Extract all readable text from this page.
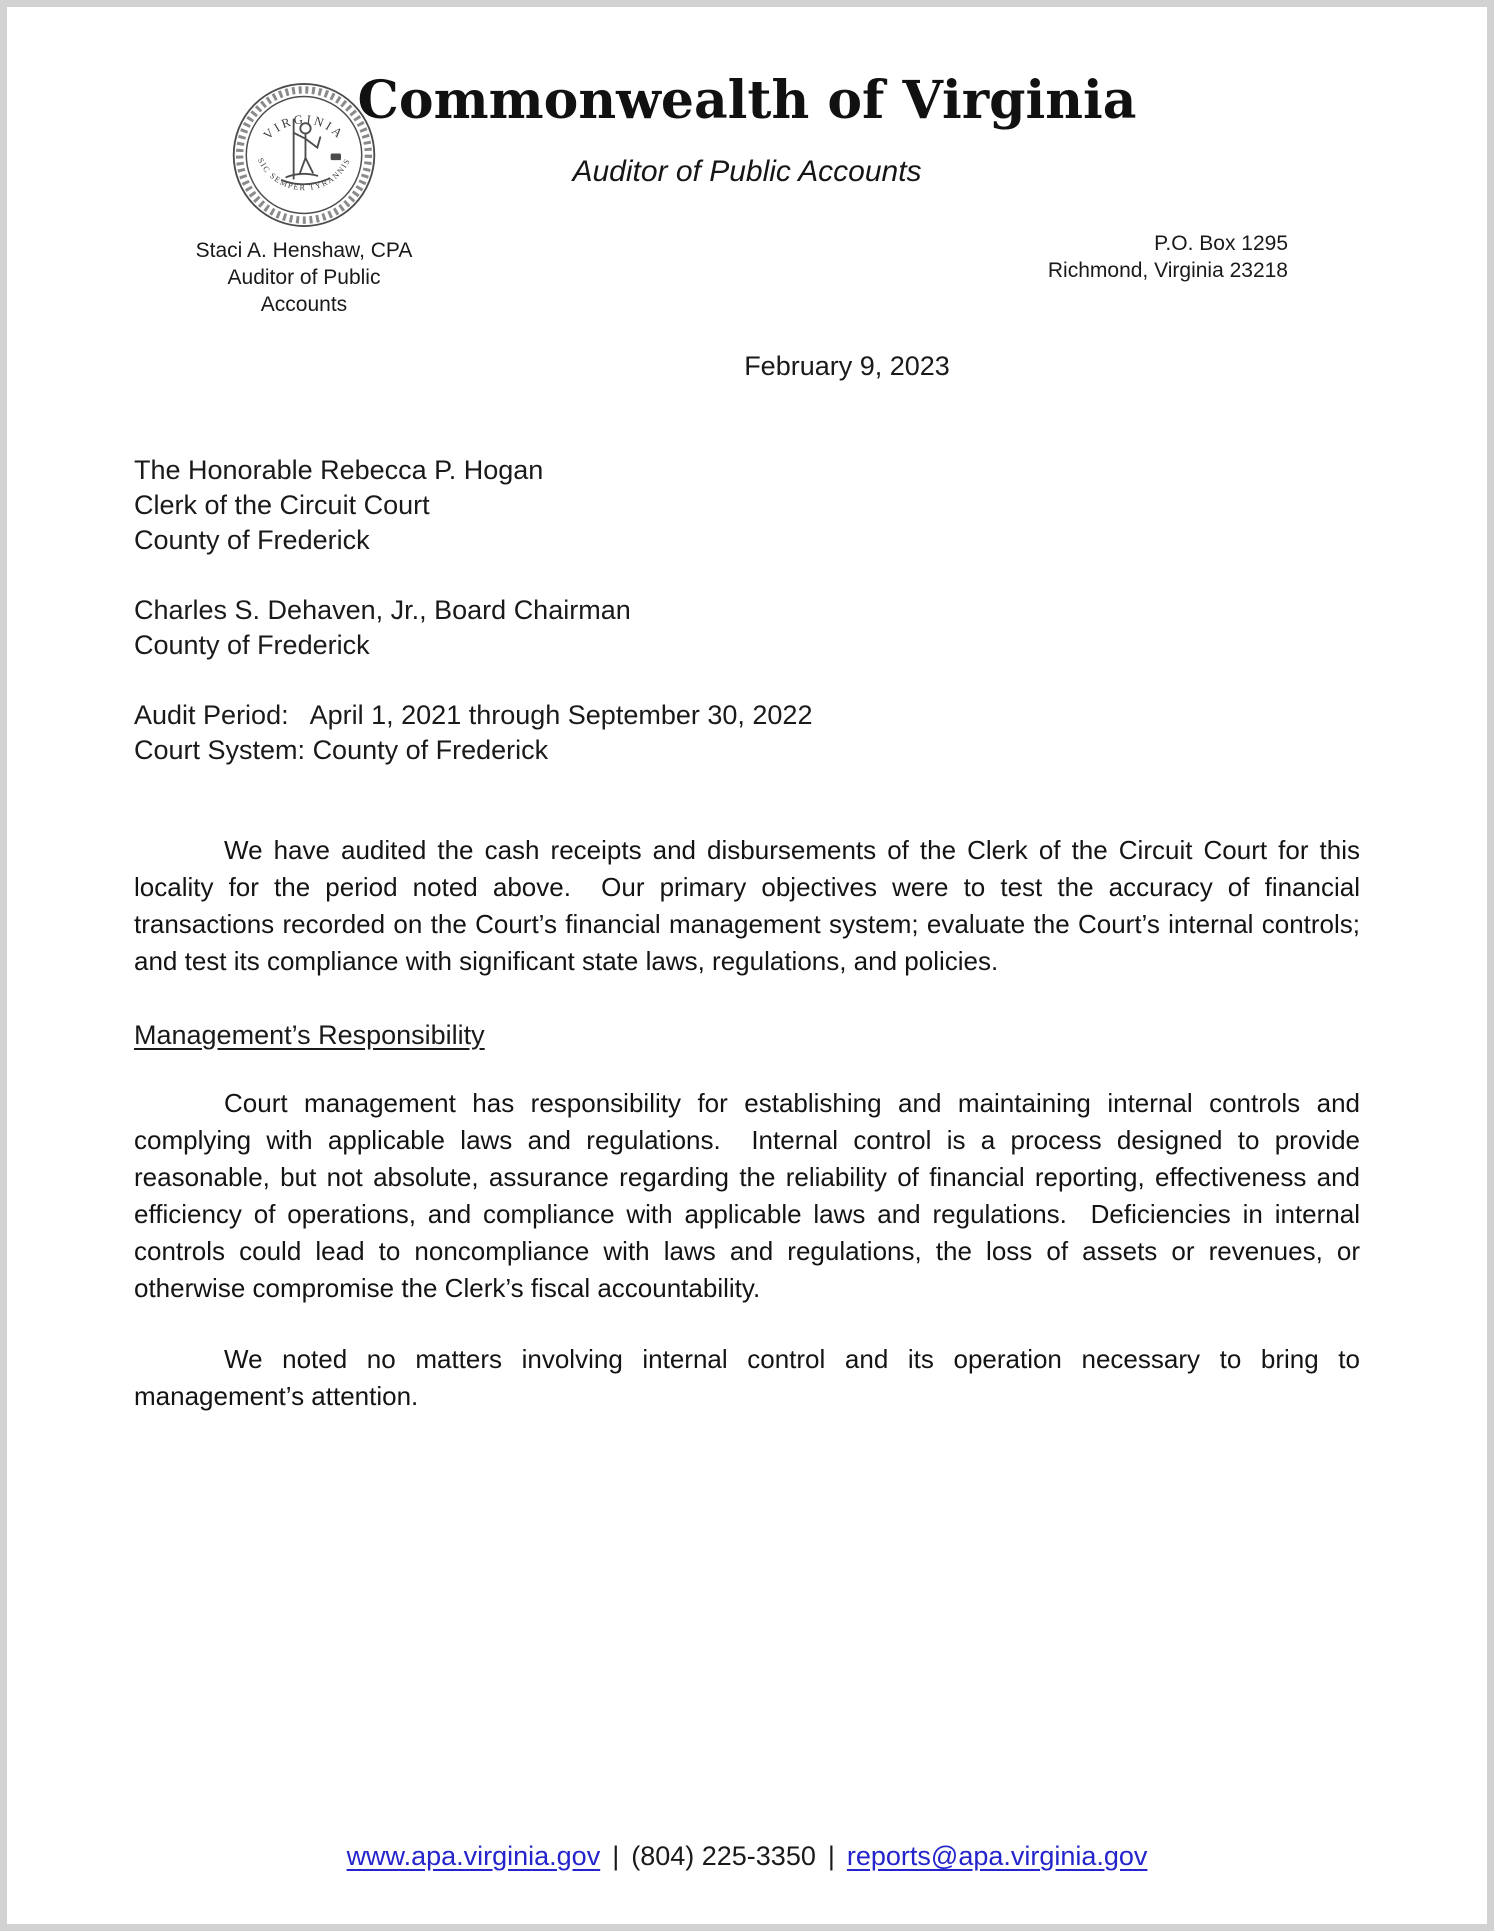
VIRGINIA
SIC SEMPER TYRANNIS
Staci A. Henshaw, CPA
Auditor of Public Accounts
Commonwealth of Virginia
Auditor of Public Accounts
P.O. Box 1295
Richmond, Virginia 23218
February 9, 2023
The Honorable Rebecca P. Hogan
Clerk of the Circuit Court
County of Frederick
Charles S. Dehaven, Jr., Board Chairman
County of Frederick
Audit Period: April 1, 2021 through September 30, 2022
Court System: County of Frederick

We have audited the cash receipts and disbursements of the Clerk of the Circuit Court for this locality for the period noted above.  Our primary objectives were to test the accuracy of financial transactions recorded on the Court’s financial management system; evaluate the Court’s internal controls; and test its compliance with significant state laws, regulations, and policies.

Management’s Responsibility

Court management has responsibility for establishing and maintaining internal controls and complying with applicable laws and regulations.  Internal control is a process designed to provide reasonable, but not absolute, assurance regarding the reliability of financial reporting, effectiveness and efficiency of operations, and compliance with applicable laws and regulations.  Deficiencies in internal controls could lead to noncompliance with laws and regulations, the loss of assets or revenues, or otherwise compromise the Clerk’s fiscal accountability.

We noted no matters involving internal control and its operation necessary to bring to management’s attention.

www.apa.virginia.gov | (804) 225-3350 | reports@apa.virginia.gov
